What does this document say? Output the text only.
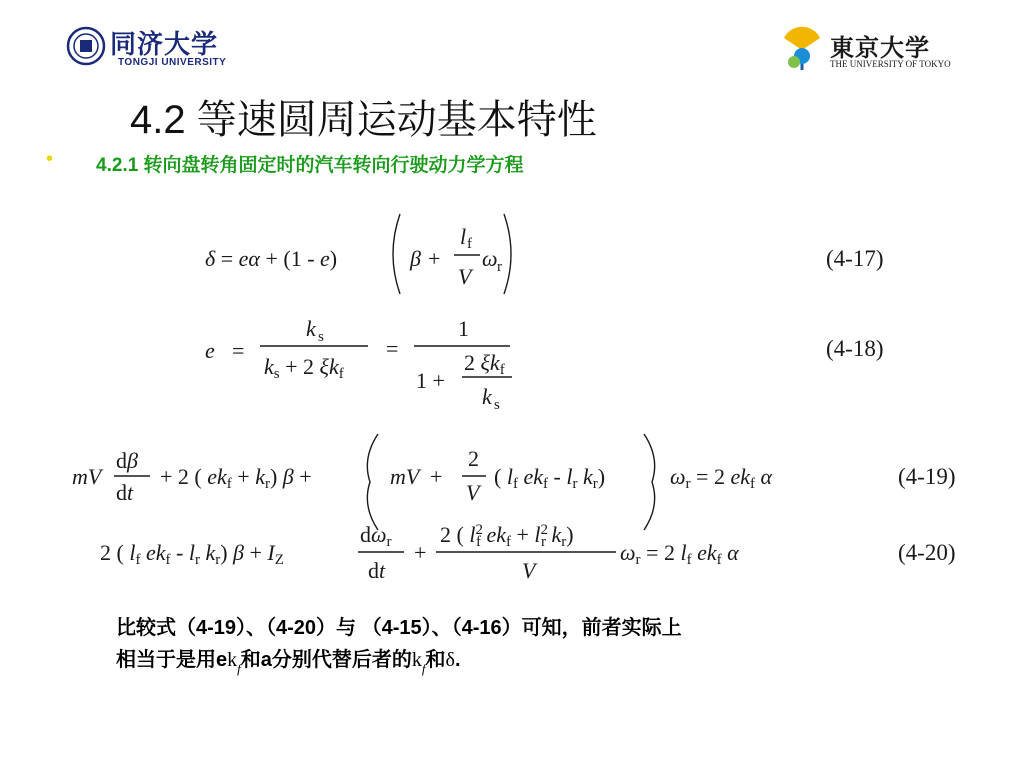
同济大学
TONGJI UNIVERSITY
東京大学
THE UNIVERSITY OF TOKYO
4.2 等速圆周运动基本特性
• 4.2.1 转向盘转角固定时的汽车转向行驶动力学方程
δ = eα + (1 - e)	β +
l f
V
ω r	(4-17)
e =
k s
ks + 2 ξkf
=
1
1 +
2 ξkf
k s
(4-18)
mV
dβ
dt
+ 2 ( ekf + kr) β +	mV +
2
V
( lf ekf - lr kr)	ωr = 2 ekf α	(4-19)
2 ( lf ekf - lr kr) β + IZ
dωr
dt
+
2 ( $l^2$ f ekf + $l^2$ r kr)
V
ωr = 2 lf ekf α	(4-20)
比较式（4-19）、（4-20）与 （4-15）、（4-16）可知，前者实际上
相当于是用$ek_f$和a分别代替后者的$k_f$和δ.
